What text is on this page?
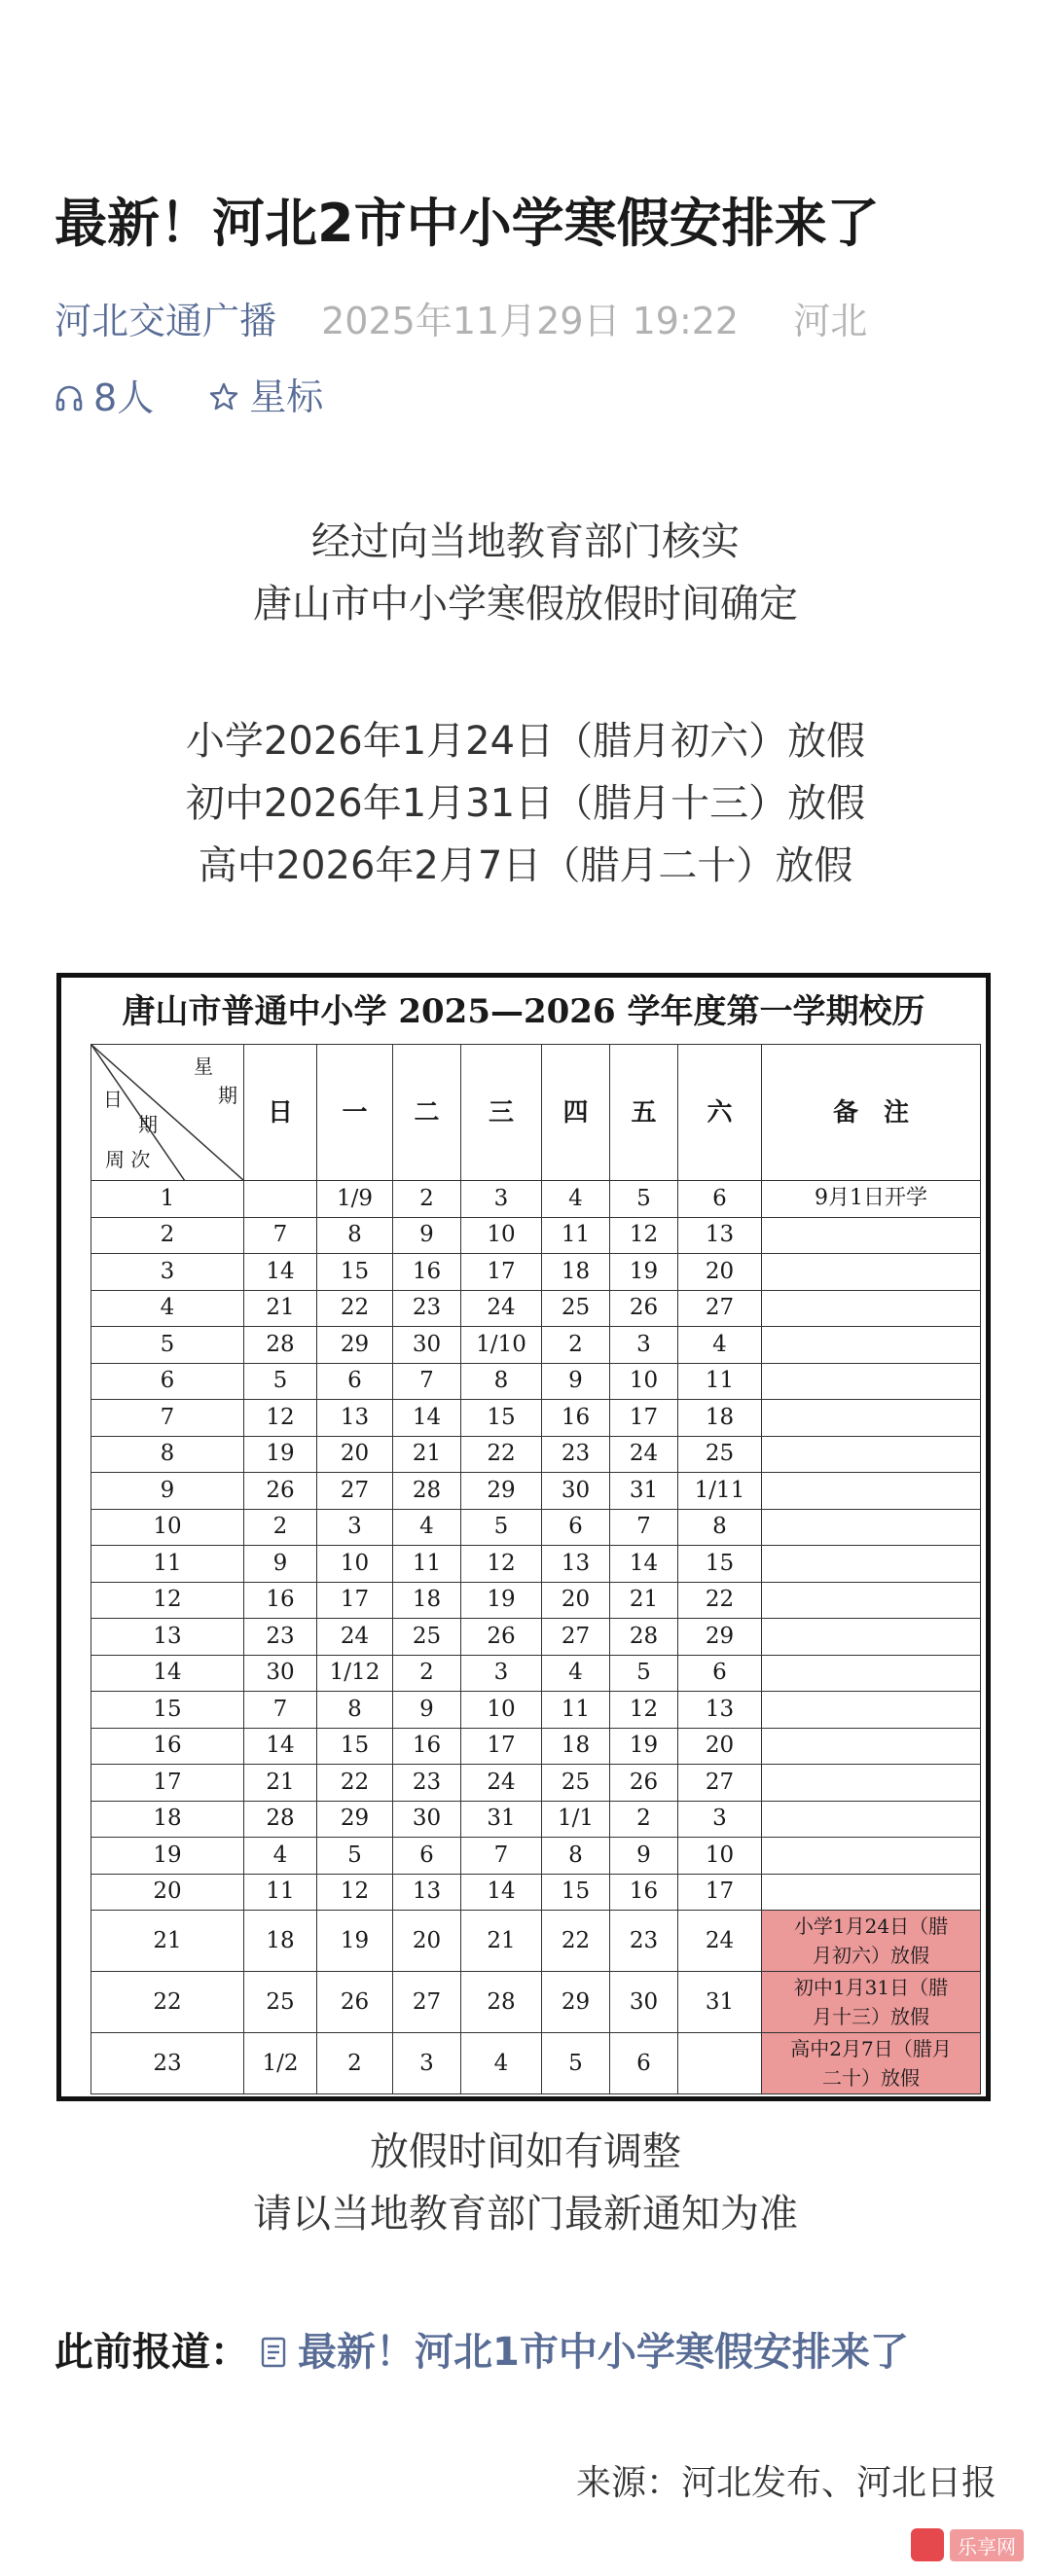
最新！河北2市中小学寒假安排来了
河北交通广播 2025年11月29日 19:22 河北
8人
	星标

经过向当地教育部门核实

唐山市中小学寒假放假时间确定

小学2026年1月24日（腊月初六）放假

初中2026年1月31日（腊月十三）放假

高中2026年2月7日（腊月二十）放假

唐山市普通中小学 2025—2026 学年度第一学期校历
星
期
日
期
周 次	日	一	二	三	四	五	六	备　注
1		1/9	2	3	4	5	6	9月1日开学
2	7	8	9	10	11	12	13	
3	14	15	16	17	18	19	20	
4	21	22	23	24	25	26	27	
5	28	29	30	1/10	2	3	4	
6	5	6	7	8	9	10	11	
7	12	13	14	15	16	17	18	
8	19	20	21	22	23	24	25	
9	26	27	28	29	30	31	1/11	
10	2	3	4	5	6	7	8	
11	9	10	11	12	13	14	15	
12	16	17	18	19	20	21	22	
13	23	24	25	26	27	28	29	
14	30	1/12	2	3	4	5	6	
15	7	8	9	10	11	12	13	
16	14	15	16	17	18	19	20	
17	21	22	23	24	25	26	27	
18	28	29	30	31	1/1	2	3	
19	4	5	6	7	8	9	10	
20	11	12	13	14	15	16	17	
21	18	19	20	21	22	23	24	小学1月24日（腊
月初六）放假

22	25	26	27	28	29	30	31	初中1月31日（腊
月十三）放假

23	1/2	2	3	4	5	6		高中2月7日（腊月
二十）放假

放假时间如有调整

请以当地教育部门最新通知为准

此前报道： 最新！河北1市中小学寒假安排来了
来源：河北发布、河北日报
乐享网
